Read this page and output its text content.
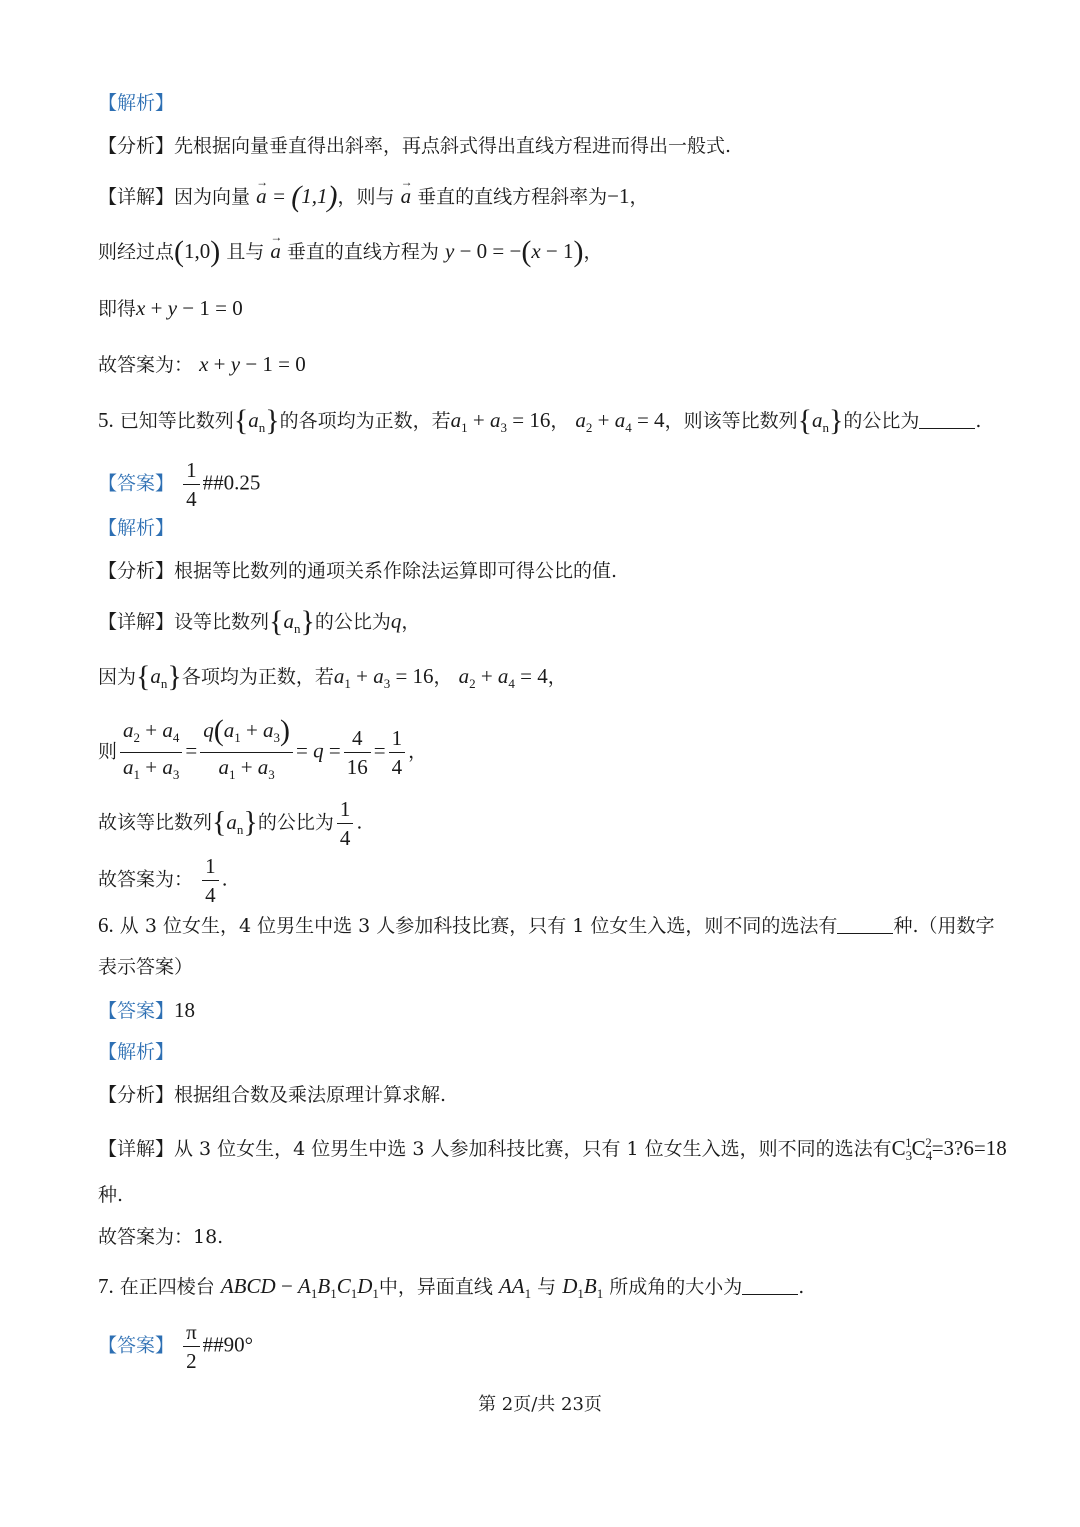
【解析】
【分析】先根据向量垂直得出斜率，再点斜式得出直线方程进而得出一般式.
【详解】因为向量 → a = (1,1)，则与 → a 垂直的直线方程斜率为−1，
则经过点(1,0) 且与 → a 垂直的直线方程为 y − 0 = −(x − 1)，
即得x + y − 1 = 0
故答案为： x + y − 1 = 0
5. 已知等比数列$\{a_n\}$的各项均为正数，若$a_1 + a_3 = 16$， $a_2 + a_4 = 4$，则该等比数列$\{a_n\}$的公比为	.
【答案】 $\frac{1}{4}$ ##0.25
【解析】
【分析】根据等比数列的通项关系作除法运算即可得公比的值.
【详解】设等比数列$\{a_n\}$的公比为q，
因为$\{a_n\}$各项均为正数，若$a_1 + a_3 = 16$， $a_2 + a_4 = 4$，
则 $\frac{a_2 + a_4}{a_1 + a_3} = \frac{q(a_1 + a_3)}{a_1 + a_3} = q = \frac{4}{16} = \frac{1}{4}$ ，
故该等比数列$\{a_n\}$的公比为 $\frac{1}{4}$ .
故答案为： $\frac{1}{4}$ .
6. 从 3 位女生，4 位男生中选 3 人参加科技比赛，只有 1 位女生入选，则不同的选法有	种.（用数字
表示答案）
【答案】18
【解析】
【分析】根据组合数及乘法原理计算求解.
【详解】从 3 位女生，4 位男生中选 3 人参加科技比赛，只有 1 位女生入选，则不同的选法有$C_3^1C_4^2=3?6=18$
种.
故答案为：18.
7. 在正四棱台 ABCD − $A_1B_1C_1D_1$中，异面直线 $AA_1$ 与 $D_1B_1$ 所成角的大小为	.
【答案】 $\frac{\pi}{2}$ ##90°
第 2页/共 23页
